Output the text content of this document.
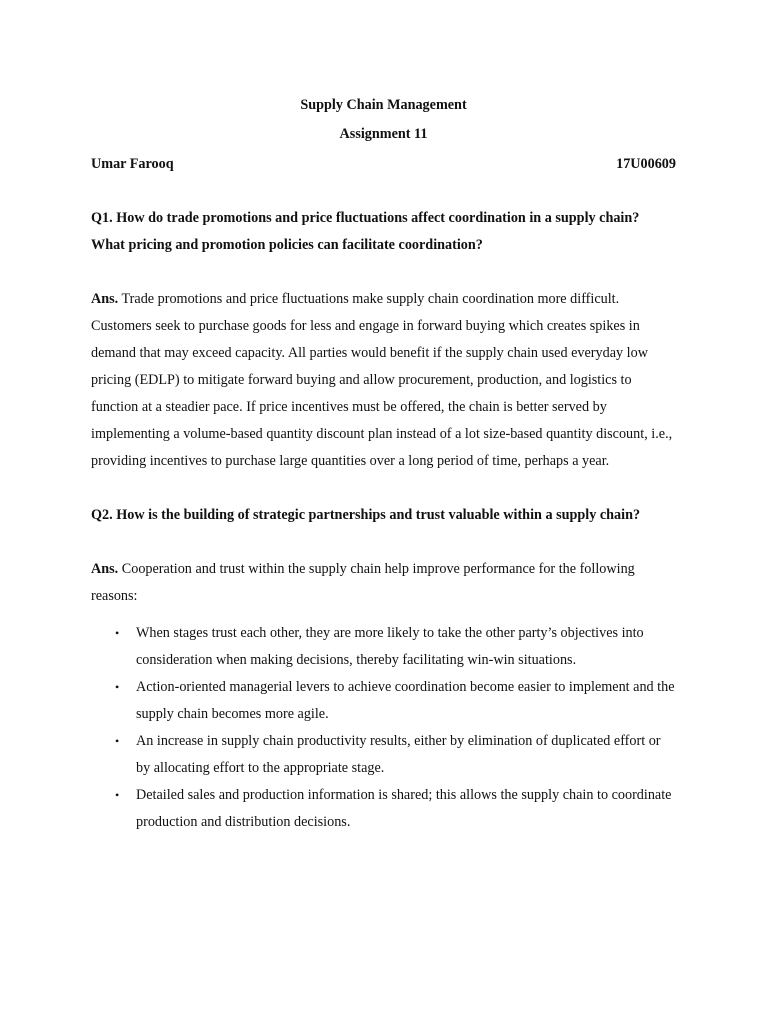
Supply Chain Management

Assignment 11

Umar Farooq	17U00609

Q1. How do trade promotions and price fluctuations affect coordination in a supply chain? What pricing and promotion policies can facilitate coordination?

Ans. Trade promotions and price fluctuations make supply chain coordination more difficult. Customers seek to purchase goods for less and engage in forward buying which creates spikes in demand that may exceed capacity. All parties would benefit if the supply chain used everyday low pricing (EDLP) to mitigate forward buying and allow procurement, production, and logistics to function at a steadier pace. If price incentives must be offered, the chain is better served by implementing a volume-based quantity discount plan instead of a lot size-based quantity discount, i.e., providing incentives to purchase large quantities over a long period of time, perhaps a year.

Q2. How is the building of strategic partnerships and trust valuable within a supply chain?

Ans. Cooperation and trust within the supply chain help improve performance for the following reasons:

• When stages trust each other, they are more likely to take the other party’s objectives into consideration when making decisions, thereby facilitating win-win situations.
• Action-oriented managerial levers to achieve coordination become easier to implement and the supply chain becomes more agile.
• An increase in supply chain productivity results, either by elimination of duplicated effort or by allocating effort to the appropriate stage.
• Detailed sales and production information is shared; this allows the supply chain to coordinate production and distribution decisions.
